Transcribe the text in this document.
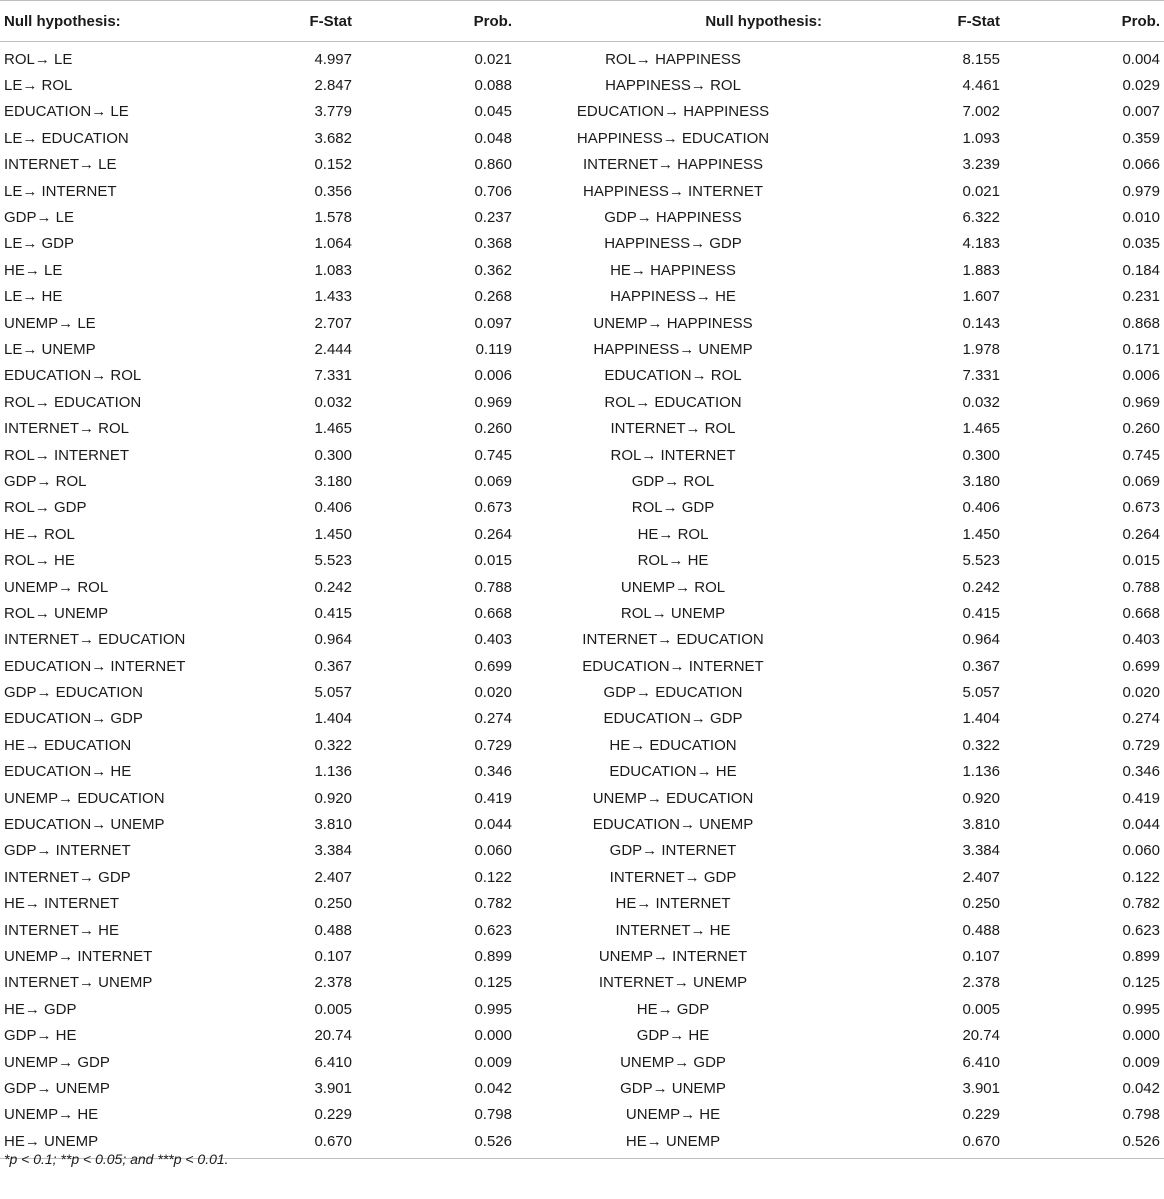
Null hypothesis:	F-Stat	Prob.	Null hypothesis:	F-Stat	Prob.
ROL→ LE	4.997	0.021	ROL→ HAPPINESS	8.155	0.004
LE→ ROL	2.847	0.088	HAPPINESS→ ROL	4.461	0.029
EDUCATION→ LE	3.779	0.045	EDUCATION→ HAPPINESS	7.002	0.007
LE→ EDUCATION	3.682	0.048	HAPPINESS→ EDUCATION	1.093	0.359
INTERNET→ LE	0.152	0.860	INTERNET→ HAPPINESS	3.239	0.066
LE→ INTERNET	0.356	0.706	HAPPINESS→ INTERNET	0.021	0.979
GDP→ LE	1.578	0.237	GDP→ HAPPINESS	6.322	0.010
LE→ GDP	1.064	0.368	HAPPINESS→ GDP	4.183	0.035
HE→ LE	1.083	0.362	HE→ HAPPINESS	1.883	0.184
LE→ HE	1.433	0.268	HAPPINESS→ HE	1.607	0.231
UNEMP→ LE	2.707	0.097	UNEMP→ HAPPINESS	0.143	0.868
LE→ UNEMP	2.444	0.119	HAPPINESS→ UNEMP	1.978	0.171
EDUCATION→ ROL	7.331	0.006	EDUCATION→ ROL	7.331	0.006
ROL→ EDUCATION	0.032	0.969	ROL→ EDUCATION	0.032	0.969
INTERNET→ ROL	1.465	0.260	INTERNET→ ROL	1.465	0.260
ROL→ INTERNET	0.300	0.745	ROL→ INTERNET	0.300	0.745
GDP→ ROL	3.180	0.069	GDP→ ROL	3.180	0.069
ROL→ GDP	0.406	0.673	ROL→ GDP	0.406	0.673
HE→ ROL	1.450	0.264	HE→ ROL	1.450	0.264
ROL→ HE	5.523	0.015	ROL→ HE	5.523	0.015
UNEMP→ ROL	0.242	0.788	UNEMP→ ROL	0.242	0.788
ROL→ UNEMP	0.415	0.668	ROL→ UNEMP	0.415	0.668
INTERNET→ EDUCATION	0.964	0.403	INTERNET→ EDUCATION	0.964	0.403
EDUCATION→ INTERNET	0.367	0.699	EDUCATION→ INTERNET	0.367	0.699
GDP→ EDUCATION	5.057	0.020	GDP→ EDUCATION	5.057	0.020
EDUCATION→ GDP	1.404	0.274	EDUCATION→ GDP	1.404	0.274
HE→ EDUCATION	0.322	0.729	HE→ EDUCATION	0.322	0.729
EDUCATION→ HE	1.136	0.346	EDUCATION→ HE	1.136	0.346
UNEMP→ EDUCATION	0.920	0.419	UNEMP→ EDUCATION	0.920	0.419
EDUCATION→ UNEMP	3.810	0.044	EDUCATION→ UNEMP	3.810	0.044
GDP→ INTERNET	3.384	0.060	GDP→ INTERNET	3.384	0.060
INTERNET→ GDP	2.407	0.122	INTERNET→ GDP	2.407	0.122
HE→ INTERNET	0.250	0.782	HE→ INTERNET	0.250	0.782
INTERNET→ HE	0.488	0.623	INTERNET→ HE	0.488	0.623
UNEMP→ INTERNET	0.107	0.899	UNEMP→ INTERNET	0.107	0.899
INTERNET→ UNEMP	2.378	0.125	INTERNET→ UNEMP	2.378	0.125
HE→ GDP	0.005	0.995	HE→ GDP	0.005	0.995
GDP→ HE	20.74	0.000	GDP→ HE	20.74	0.000
UNEMP→ GDP	6.410	0.009	UNEMP→ GDP	6.410	0.009
GDP→ UNEMP	3.901	0.042	GDP→ UNEMP	3.901	0.042
UNEMP→ HE	0.229	0.798	UNEMP→ HE	0.229	0.798
HE→ UNEMP	0.670	0.526	HE→ UNEMP	0.670	0.526
*p < 0.1; **p < 0.05; and ***p < 0.01.
